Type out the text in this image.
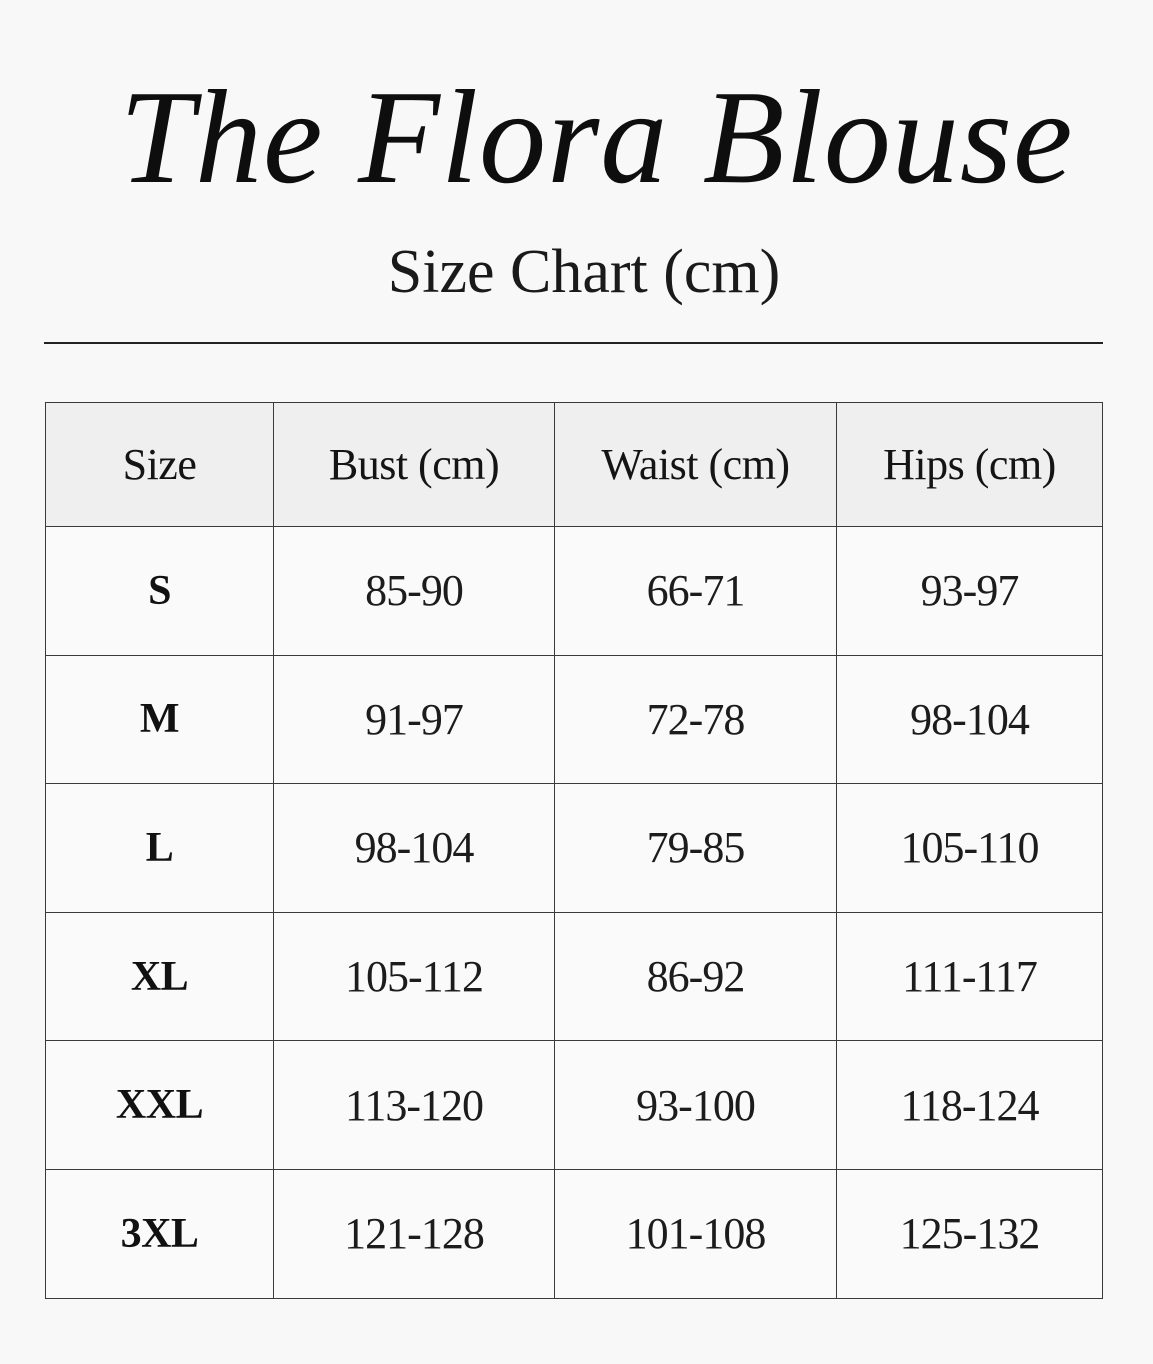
The Flora Blouse
Size Chart (cm)
Size	Bust (cm)	Waist (cm)	Hips (cm)
S	85-90	66-71	93-97
M	91-97	72-78	98-104
L	98-104	79-85	105-110
XL	105-112	86-92	111-117
XXL	113-120	93-100	118-124
3XL	121-128	101-108	125-132
